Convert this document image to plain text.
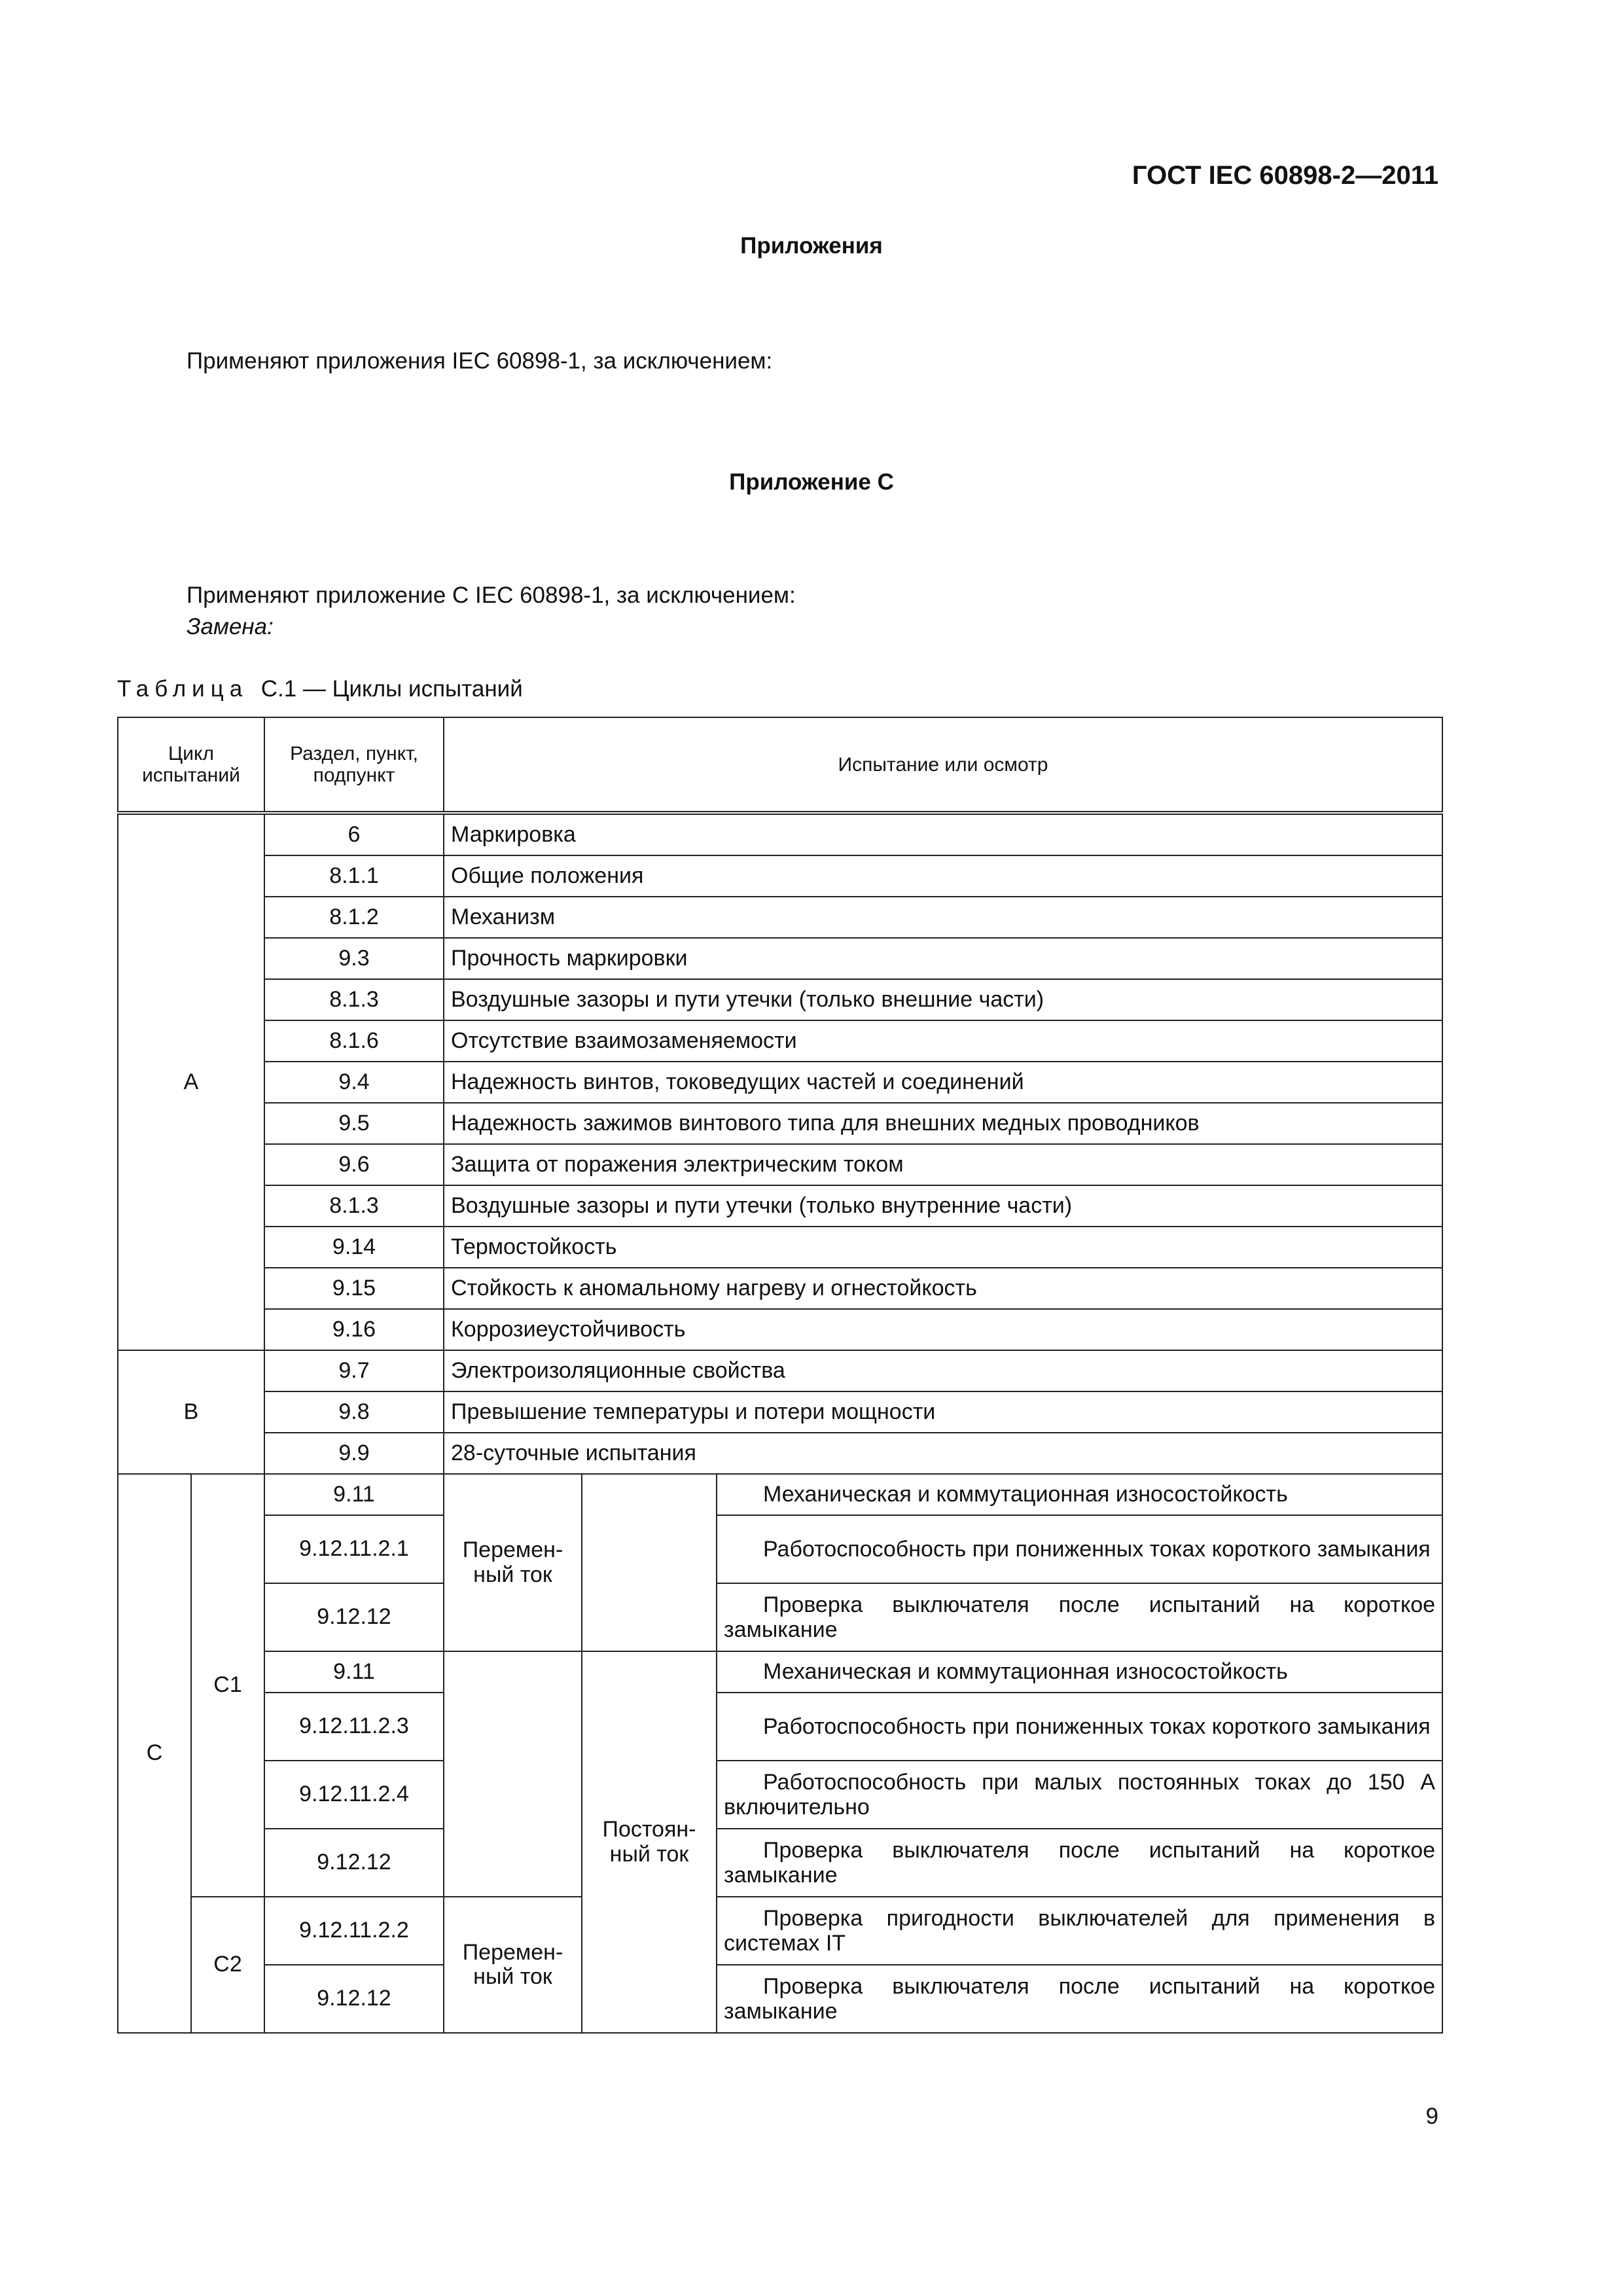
ГОСТ IEC 60898-2—2011
Приложения
Применяют приложения IEC 60898-1, за исключением:
Приложение С
Применяют приложение С IEC 60898-1, за исключением:
Замена:
Таблица С.1 — Циклы испытаний
Цикл испытаний		Раздел, пункт, подпункт	Испытание или осмотр		
А		6	Маркировка		
		8.1.1	Общие положения		
		8.1.2	Механизм		
		9.3	Прочность маркировки		
		8.1.3	Воздушные зазоры и пути утечки (только внешние части)		
		8.1.6	Отсутствие взаимозаменяемости		
		9.4	Надежность винтов, токоведущих частей и соединений		
		9.5	Надежность зажимов винтового типа для внешних медных проводников		
		9.6	Защита от поражения электрическим током		
		8.1.3	Воздушные зазоры и пути утечки (только внутренние части)		
		9.14	Термостойкость		
		9.15	Стойкость к аномальному нагреву и огнестойкость		
		9.16	Коррозиеустойчивость		
В		9.7	Электроизоляционные свойства		
		9.8	Превышение температуры и потери мощности		
		9.9	28-суточные испытания		
С	С1	9.11	Перемен-ный ток		Механическая и коммутационная износостойкость
		9.12.11.2.1			Работоспособность при пониженных токах короткого замыкания
		9.12.12			Проверка выключателя после испытаний на короткое замыкание
		9.11		Постоян-ный ток	Механическая и коммутационная износостойкость
		9.12.11.2.3			Работоспособность при пониженных токах короткого замыкания
		9.12.11.2.4			Работоспособность при малых постоянных токах до 150 А включительно
		9.12.12			Проверка выключателя после испытаний на короткое замыкание
	С2	9.12.11.2.2	Перемен-ный ток		Проверка пригодности выключателей для применения в системах IT
		9.12.12			Проверка выключателя после испытаний на короткое замыкание
9
